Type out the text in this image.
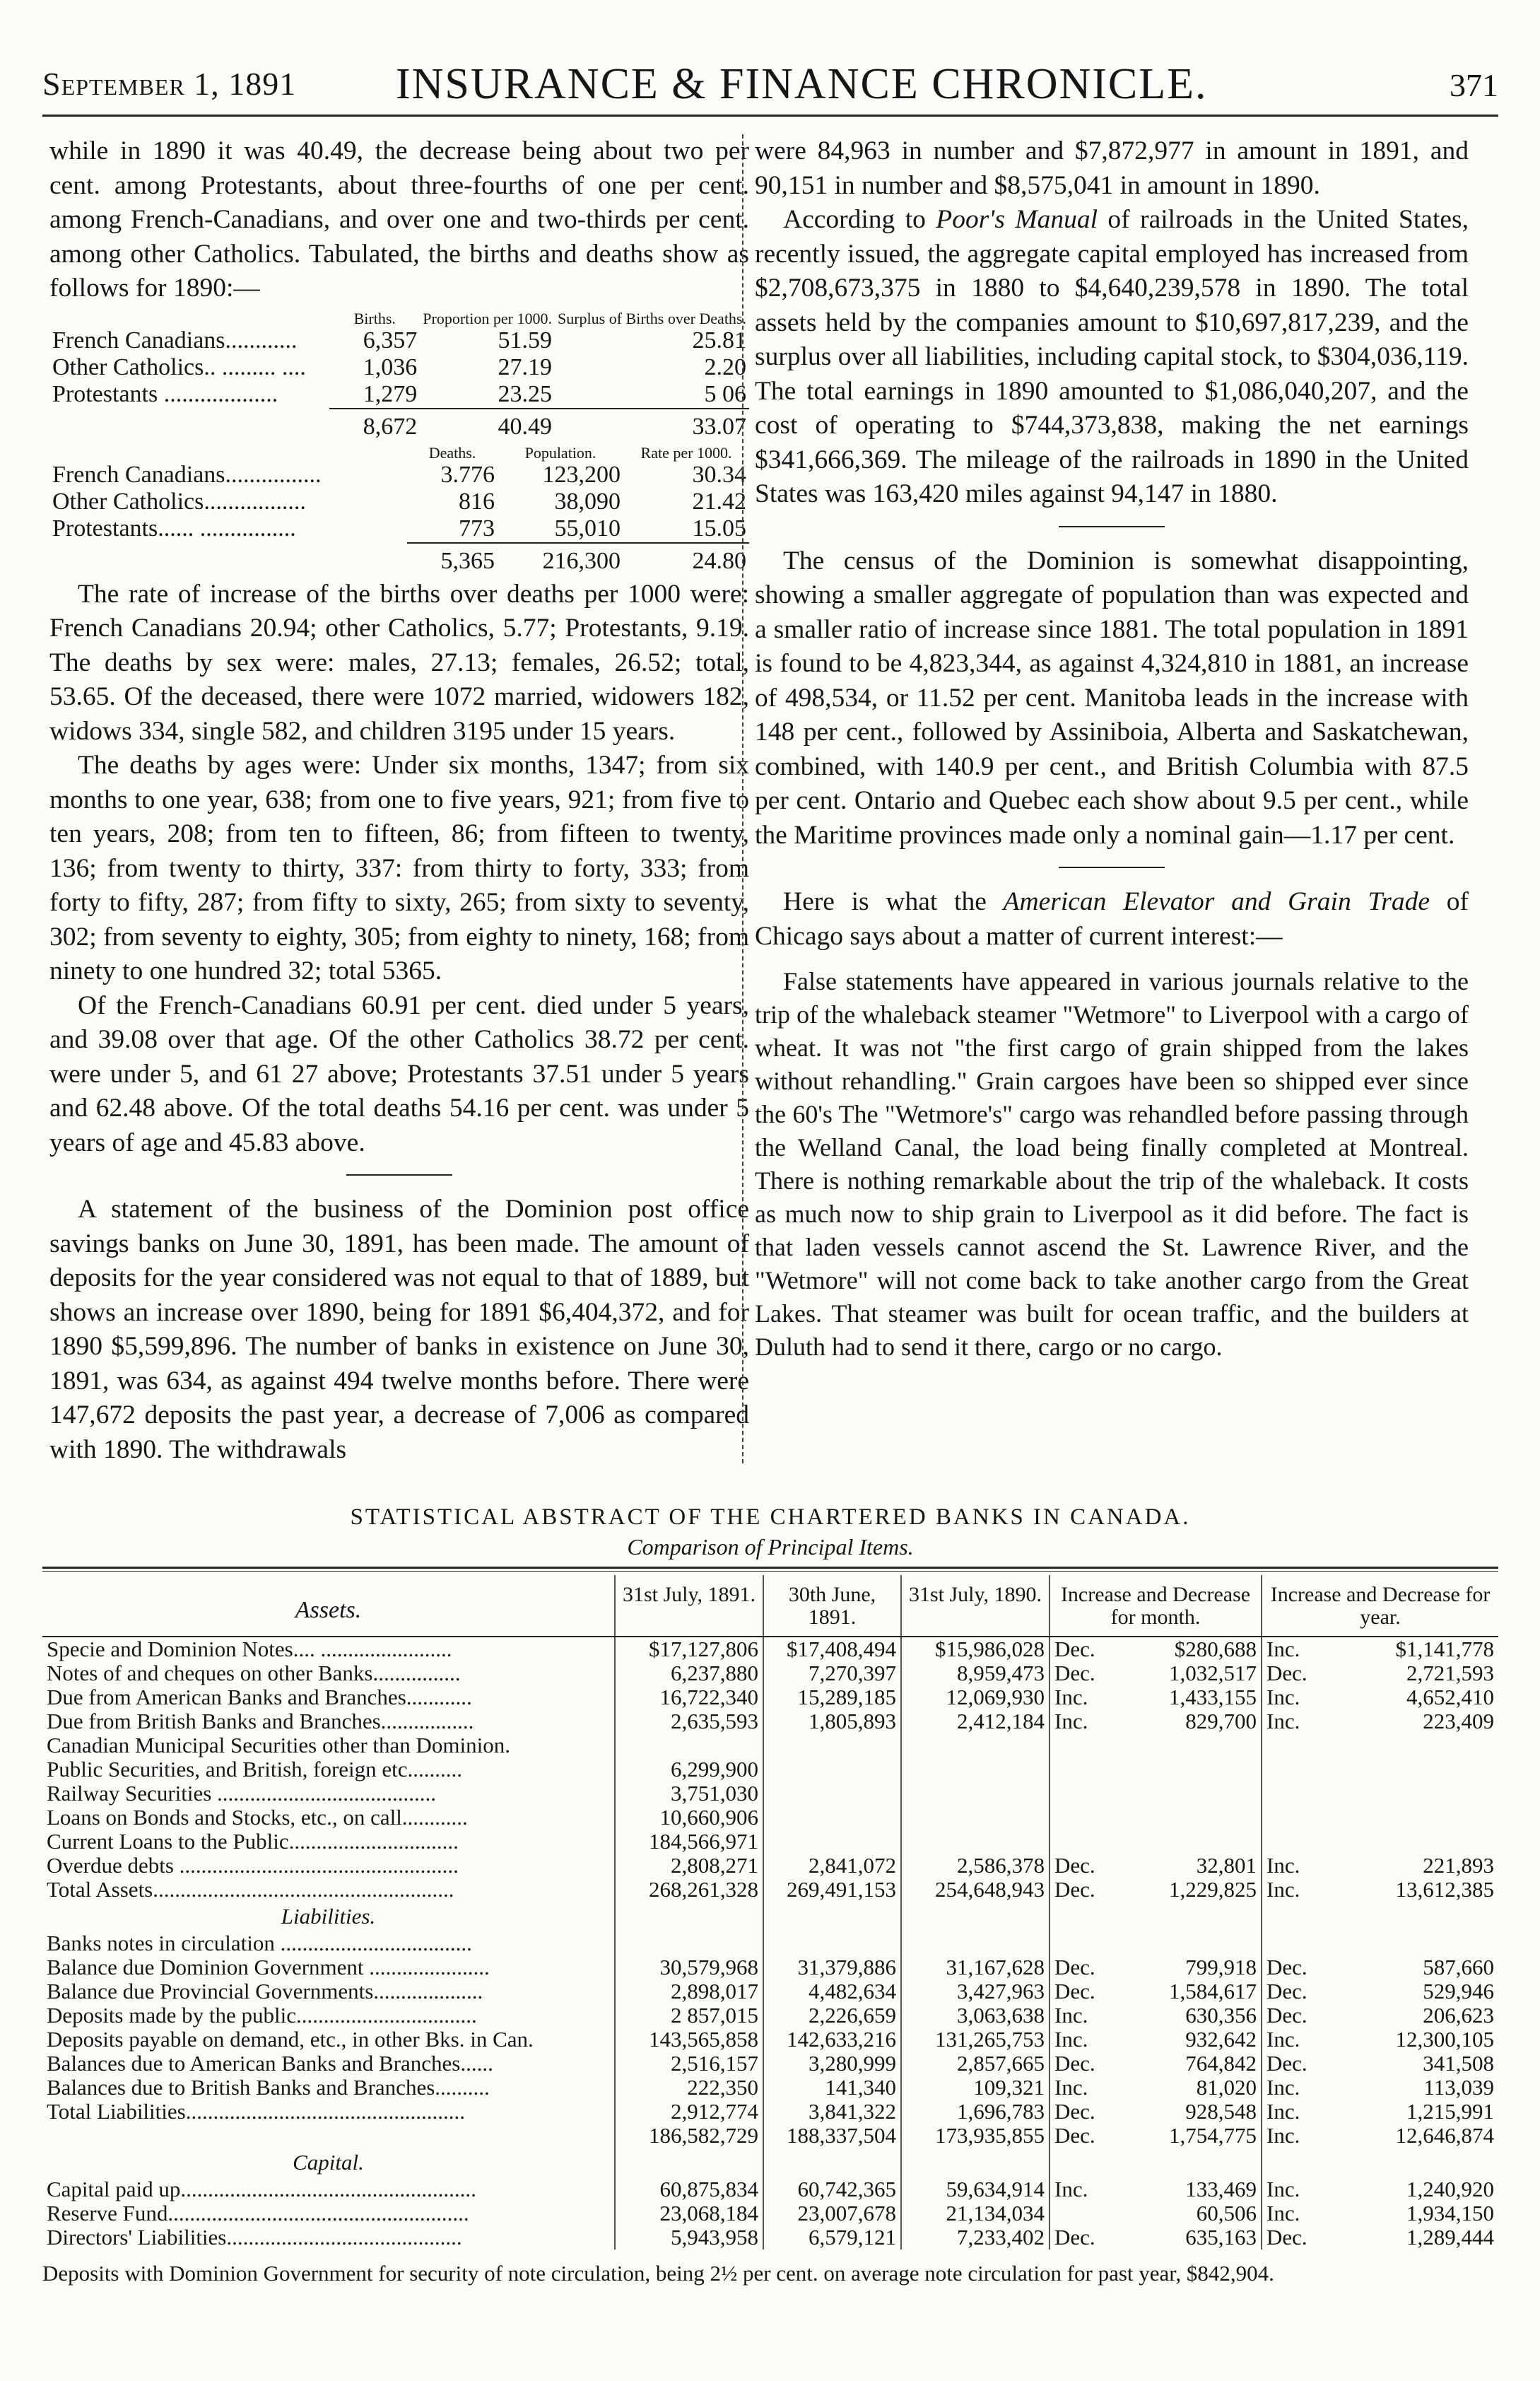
September 1, 1891 INSURANCE & FINANCE CHRONICLE.	371

while in 1890 it was 40.49, the decrease being about two per cent. among Protestants, about three-fourths of one per cent. among French-Canadians, and over one and two-thirds per cent. among other Catholics. Tabulated, the births and deaths show as follows for 1890:—

	Births.	Proportion per 1000.	Surplus of Births over Deaths.
French Canadians............	6,357	51.59	25.81
Other Catholics.. ......... ....	1,036	27.19	2.20
Protestants ...................	1,279	23.25	5 06
	8,672	40.49	33.07
	Deaths.	Population.	Rate per 1000.
French Canadians................	3.776	123,200	30.34
Other Catholics.................	816	38,090	21.42
Protestants...... ................	773	55,010	15.05
	5,365	216,300	24.80

The rate of increase of the births over deaths per 1000 were: French Canadians 20.94; other Catholics, 5.77; Protestants, 9.19. The deaths by sex were: males, 27.13; females, 26.52; total, 53.65. Of the deceased, there were 1072 married, widowers 182, widows 334, single 582, and children 3195 under 15 years.

The deaths by ages were: Under six months, 1347; from six months to one year, 638; from one to five years, 921; from five to ten years, 208; from ten to fifteen, 86; from fifteen to twenty, 136; from twenty to thirty, 337: from thirty to forty, 333; from forty to fifty, 287; from fifty to sixty, 265; from sixty to seventy, 302; from seventy to eighty, 305; from eighty to ninety, 168; from ninety to one hundred 32; total 5365.

Of the French-Canadians 60.91 per cent. died under 5 years, and 39.08 over that age. Of the other Catholics 38.72 per cent. were under 5, and 61 27 above; Protestants 37.51 under 5 years and 62.48 above. Of the total deaths 54.16 per cent. was under 5 years of age and 45.83 above.

A statement of the business of the Dominion post office savings banks on June 30, 1891, has been made. The amount of deposits for the year considered was not equal to that of 1889, but shows an increase over 1890, being for 1891 $6,404,372, and for 1890 $5,599,896. The number of banks in existence on June 30, 1891, was 634, as against 494 twelve months before. There were 147,672 deposits the past year, a decrease of 7,006 as compared with 1890. The withdrawals

were 84,963 in number and $7,872,977 in amount in 1891, and 90,151 in number and $8,575,041 in amount in 1890.

According to Poor's Manual of railroads in the United States, recently issued, the aggregate capital employed has increased from $2,708,673,375 in 1880 to $4,640,239,578 in 1890. The total assets held by the companies amount to $10,697,817,239, and the surplus over all liabilities, including capital stock, to $304,036,119. The total earnings in 1890 amounted to $1,086,040,207, and the cost of operating to $744,373,838, making the net earnings $341,666,369. The mileage of the railroads in 1890 in the United States was 163,420 miles against 94,147 in 1880.

The census of the Dominion is somewhat disappointing, showing a smaller aggregate of population than was expected and a smaller ratio of increase since 1881. The total population in 1891 is found to be 4,823,344, as against 4,324,810 in 1881, an increase of 498,534, or 11.52 per cent. Manitoba leads in the increase with 148 per cent., followed by Assiniboia, Alberta and Saskatchewan, combined, with 140.9 per cent., and British Columbia with 87.5 per cent. Ontario and Quebec each show about 9.5 per cent., while the Maritime provinces made only a nominal gain—1.17 per cent.

Here is what the American Elevator and Grain Trade of Chicago says about a matter of current interest:—

False statements have appeared in various journals relative to the trip of the whaleback steamer "Wetmore" to Liverpool with a cargo of wheat. It was not "the first cargo of grain shipped from the lakes without rehandling." Grain cargoes have been so shipped ever since the 60's The "Wetmore's" cargo was rehandled before passing through the Welland Canal, the load being finally completed at Montreal. There is nothing remarkable about the trip of the whaleback. It costs as much now to ship grain to Liverpool as it did before. The fact is that laden vessels cannot ascend the St. Lawrence River, and the "Wetmore" will not come back to take another cargo from the Great Lakes. That steamer was built for ocean traffic, and the builders at Duluth had to send it there, cargo or no cargo.

STATISTICAL ABSTRACT OF THE CHARTERED BANKS IN CANADA.
Comparison of Principal Items.
Assets.	31st July, 1891.	30th June, 1891.	31st July, 1890.	Increase and Decrease for month.		Increase and Decrease for year.	
Specie and Dominion Notes.... ........................	$17,127,806	$17,408,494	$15,986,028	Dec.	$280,688	Inc.	$1,141,778
Notes of and cheques on other Banks................	6,237,880	7,270,397	8,959,473	Dec.	1,032,517	Dec.	2,721,593
Due from American Banks and Branches............	16,722,340	15,289,185	12,069,930	Inc.	1,433,155	Inc.	4,652,410
Due from British Banks and Branches.................	2,635,593	1,805,893	2,412,184	Inc.	829,700	Inc.	223,409
Canadian Municipal Securities other than Dominion.							
Public Securities, and British, foreign etc..........	6,299,900						
Railway Securities ........................................	3,751,030						
Loans on Bonds and Stocks, etc., on call............	10,660,906						
Current Loans to the Public...............................	184,566,971						
Overdue debts ...................................................	2,808,271	2,841,072	2,586,378	Dec.	32,801	Inc.	221,893
Total Assets.......................................................	268,261,328	269,491,153	254,648,943	Dec.	1,229,825	Inc.	13,612,385
Liabilities.							
Banks notes in circulation ...................................							
Balance due Dominion Government ......................	30,579,968	31,379,886	31,167,628	Dec.	799,918	Dec.	587,660
Balance due Provincial Governments....................	2,898,017	4,482,634	3,427,963	Dec.	1,584,617	Dec.	529,946
Deposits made by the public.................................	2 857,015	2,226,659	3,063,638	Inc.	630,356	Dec.	206,623
Deposits payable on demand, etc., in other Bks. in Can.	143,565,858	142,633,216	131,265,753	Inc.	932,642	Inc.	12,300,105
Balances due to American Banks and Branches......	2,516,157	3,280,999	2,857,665	Dec.	764,842	Dec.	341,508
Balances due to British Banks and Branches..........	222,350	141,340	109,321	Inc.	81,020	Inc.	113,039
Total Liabilities...................................................	2,912,774	3,841,322	1,696,783	Dec.	928,548	Inc.	1,215,991
	186,582,729	188,337,504	173,935,855	Dec.	1,754,775	Inc.	12,646,874
Capital.							
Capital paid up......................................................	60,875,834	60,742,365	59,634,914	Inc.	133,469	Inc.	1,240,920
Reserve Fund.......................................................	23,068,184	23,007,678	21,134,034		60,506	Inc.	1,934,150
Directors' Liabilities...........................................	5,943,958	6,579,121	7,233,402	Dec.	635,163	Dec.	1,289,444
Deposits with Dominion Government for security of note circulation, being 2½ per cent. on average note circulation for past year, $842,904.
